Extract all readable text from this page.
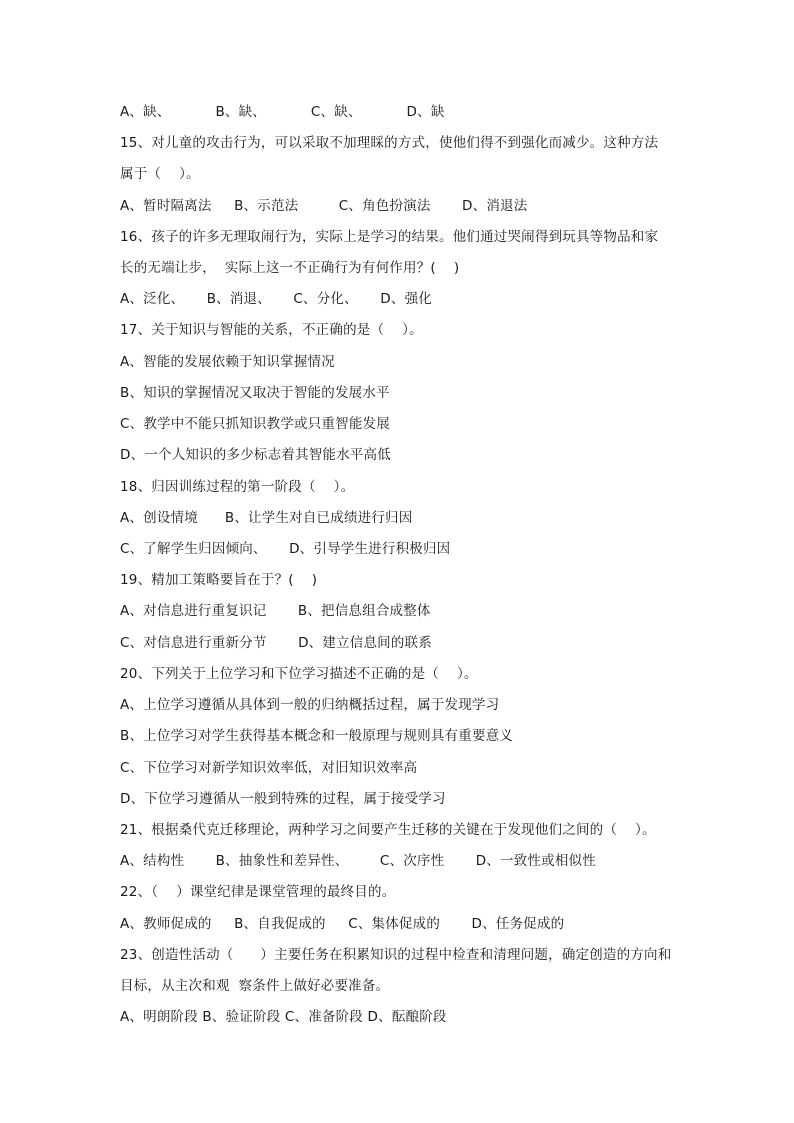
A、缺、          B、缺、          C、缺、          D、缺
15、对儿童的攻击行为，可以采取不加理睬的方式，使他们得不到强化而减少。这种方法
属于（    ）。
A、暂时隔离法     B、示范法         C、角色扮演法       D、消退法
16、孩子的许多无理取闹行为，实际上是学习的结果。他们通过哭闹得到玩具等物品和家
长的无端让步，  实际上这一不正确行为有何作用？(    )
A、泛化、     B、消退、     C、分化、     D、强化
17、关于知识与智能的关系，不正确的是（    ）。
A、智能的发展依赖于知识掌握情况
B、知识的掌握情况又取决于智能的发展水平
C、教学中不能只抓知识教学或只重智能发展
D、一个人知识的多少标志着其智能水平高低
18、归因训练过程的第一阶段（    ）。
A、创设情境      B、让学生对自已成绩进行归因
C、了解学生归因倾向、     D、引导学生进行积极归因
19、精加工策略要旨在于？(    )
A、对信息进行重复识记       B、把信息组合成整体
C、对信息进行重新分节       D、建立信息间的联系
20、下列关于上位学习和下位学习描述不正确的是（    ）。
A、上位学习遵循从具体到一般的归纳概括过程，属于发现学习
B、上位学习对学生获得基本概念和一般原理与规则具有重要意义
C、下位学习对新学知识效率低，对旧知识效率高
D、下位学习遵循从一般到特殊的过程，属于接受学习
21、根据桑代克迁移理论，两种学习之间要产生迁移的关键在于发现他们之间的（    ）。
A、结构性       B、抽象性和差异性、       C、次序性       D、一致性或相似性
22、（    ）课堂纪律是课堂管理的最终目的。
A、教师促成的     B、自我促成的     C、集体促成的       D、任务促成的
23、创造性活动（      ）主要任务在积累知识的过程中检查和清理问题，确定创造的方向和
目标，从主次和观  察条件上做好必要准备。
A、明朗阶段 B、验证阶段 C、准备阶段 D、酝酿阶段
